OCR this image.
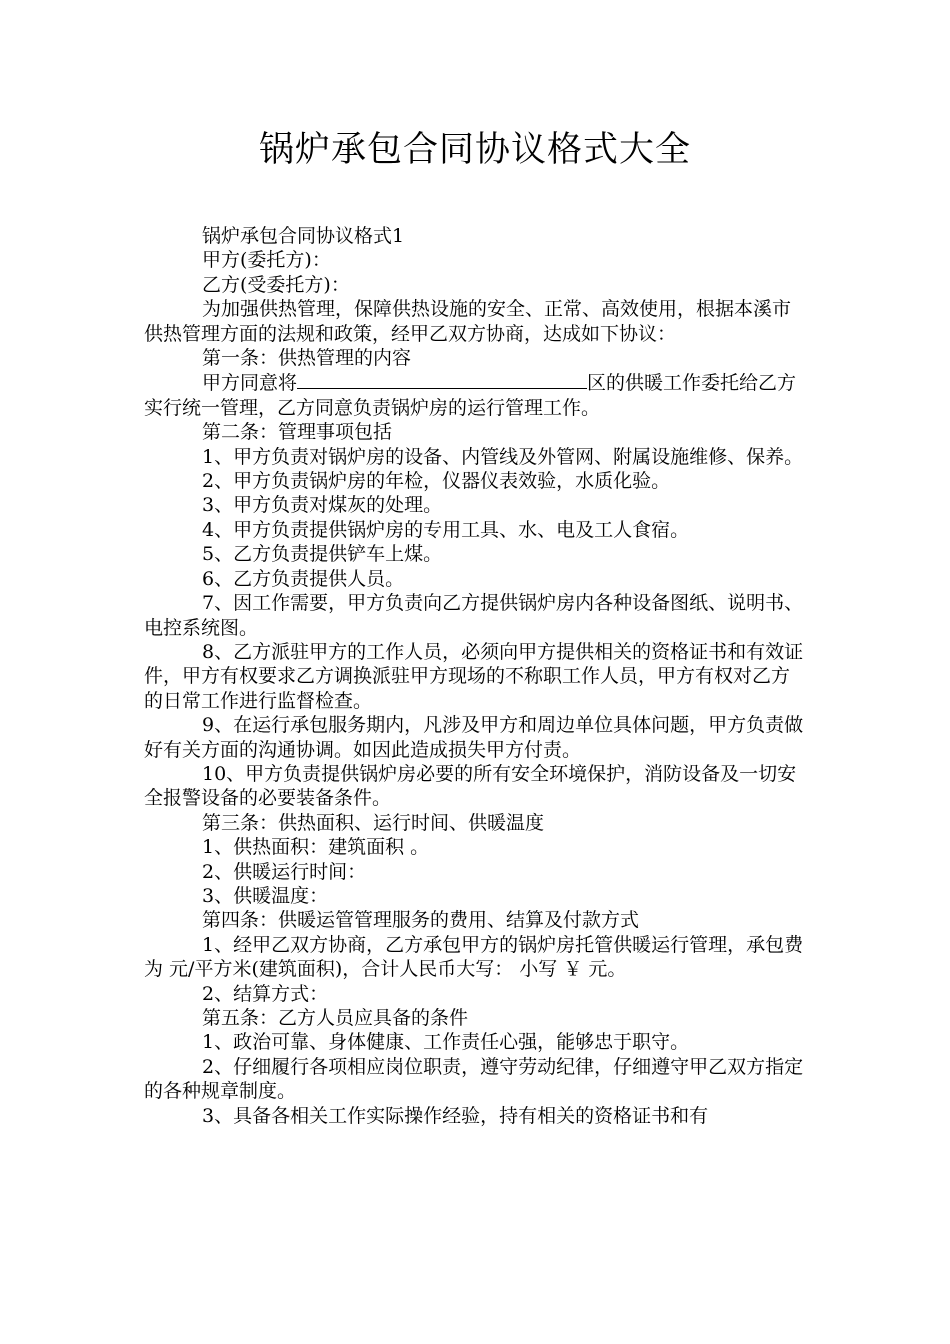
锅炉承包合同协议格式大全

锅炉承包合同协议格式1

甲方(委托方)：

乙方(受委托方)：

为加强供热管理，保障供热设施的安全、正常、高效使用，根据本溪市供热管理方面的法规和政策，经甲乙双方协商，达成如下协议：

第一条：供热管理的内容

甲方同意将	区的供暖工作委托给乙方实行统一管理，乙方同意负责锅炉房的运行管理工作。

第二条：管理事项包括

1、甲方负责对锅炉房的设备、内管线及外管网、附属设施维修、保养。

2、甲方负责锅炉房的年检，仪器仪表效验，水质化验。

3、甲方负责对煤灰的处理。

4、甲方负责提供锅炉房的专用工具、水、电及工人食宿。

5、乙方负责提供铲车上煤。

6、乙方负责提供人员。

7、因工作需要，甲方负责向乙方提供锅炉房内各种设备图纸、说明书、电控系统图。

8、乙方派驻甲方的工作人员，必须向甲方提供相关的资格证书和有效证件，甲方有权要求乙方调换派驻甲方现场的不称职工作人员，甲方有权对乙方的日常工作进行监督检查。

9、在运行承包服务期内，凡涉及甲方和周边单位具体问题，甲方负责做好有关方面的沟通协调。如因此造成损失甲方付责。

10、甲方负责提供锅炉房必要的所有安全环境保护，消防设备及一切安全报警设备的必要装备条件。

第三条：供热面积、运行时间、供暖温度

1、供热面积：建筑面积 。

2、供暖运行时间：

3、供暖温度：

第四条：供暖运管管理服务的费用、结算及付款方式

1、经甲乙双方协商，乙方承包甲方的锅炉房托管供暖运行管理，承包费为 元/平方米(建筑面积)，合计人民币大写： 小写 ￥ 元。

2、结算方式：

第五条：乙方人员应具备的条件

1、政治可靠、身体健康、工作责任心强，能够忠于职守。

2、仔细履行各项相应岗位职责，遵守劳动纪律，仔细遵守甲乙双方指定的各种规章制度。

3、具备各相关工作实际操作经验，持有相关的资格证书和有
